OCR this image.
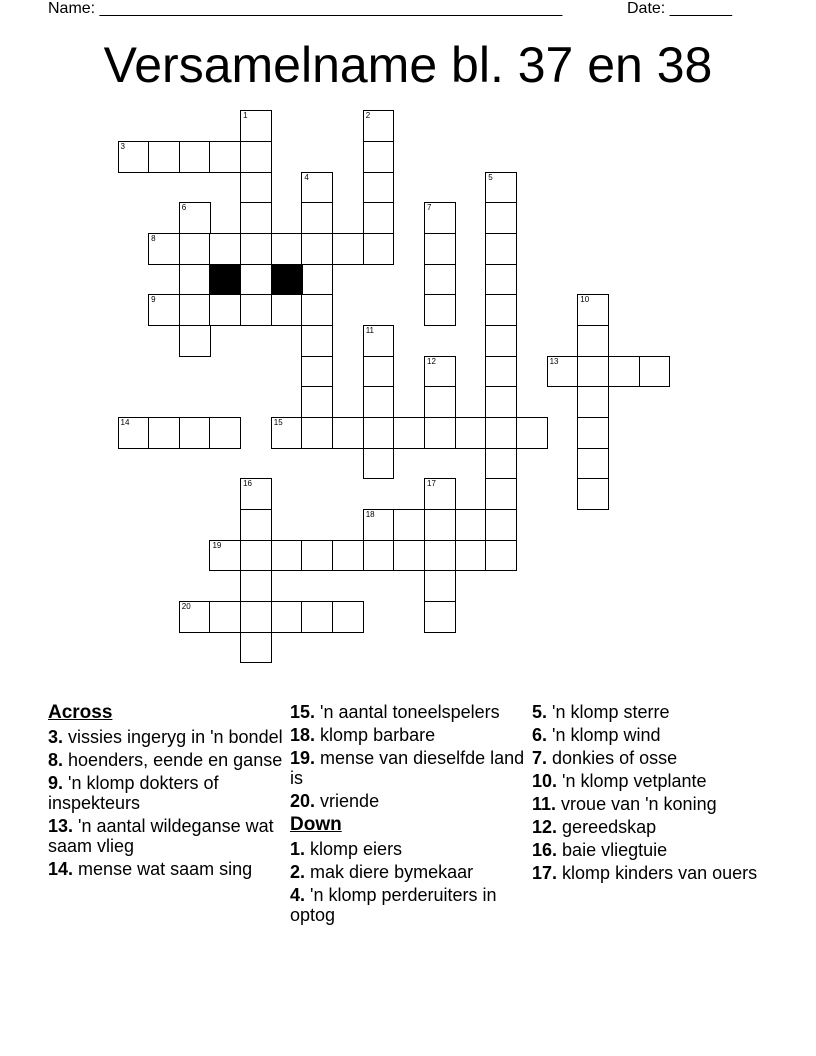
Name: ____________________________________________________	Date: _______
Versamelname bl. 37 en 38
3
8
9
13
14	15
18
19
20
1	2
4	5
6	7
10
11
12
16	17
Across
3. vissies ingeryg in 'n bondel
8. hoenders, eende en ganse
9. 'n klomp dokters of inspekteurs
13. 'n aantal wildeganse wat saam vlieg
14. mense wat saam sing
15. 'n aantal toneelspelers
18. klomp barbare
19. mense van dieselfde land is
20. vriende
Down
1. klomp eiers
2. mak diere bymekaar
4. 'n klomp perderuiters in optog
5. 'n klomp sterre
6. 'n klomp wind
7. donkies of osse
10. 'n klomp vetplante
11. vroue van 'n koning
12. gereedskap
16. baie vliegtuie
17. klomp kinders van ouers
